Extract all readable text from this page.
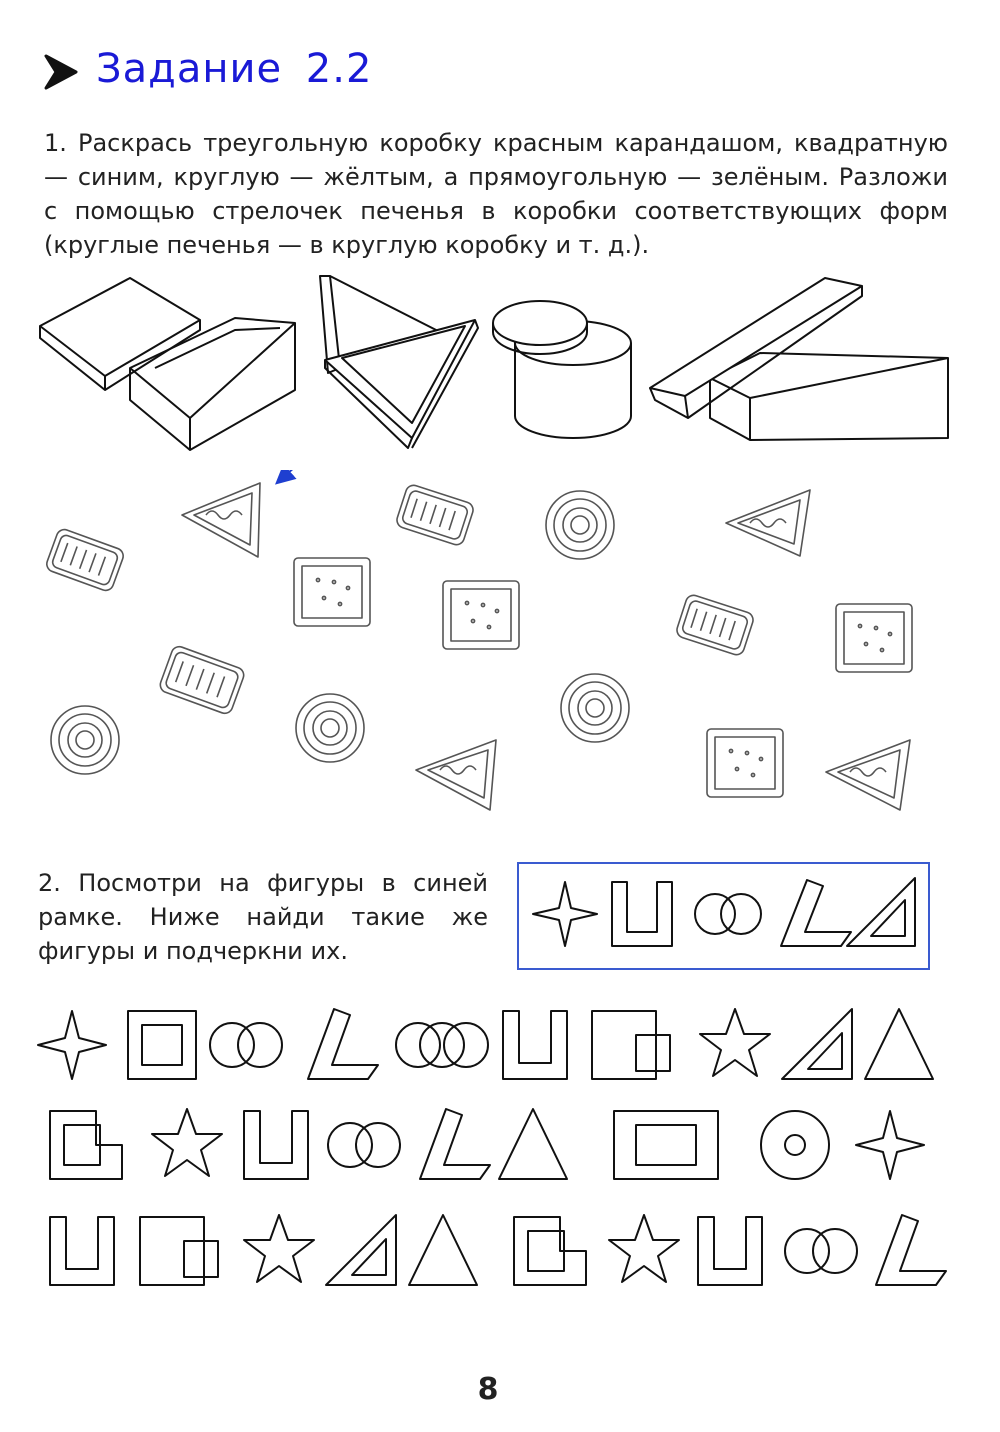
Задание 2.2
1. Раскрась треугольную коробку красным карандашом, квадратную — синим, круглую — жёлтым, а прямоугольную — зелёным. Разложи с помощью стрелочек печенья в коробки соответствующих форм (круглые печенья — в круглую коробку и т. д.).
2. Посмотри на фигуры в синей рамке. Ниже найди такие же фигуры и подчеркни их.
8
